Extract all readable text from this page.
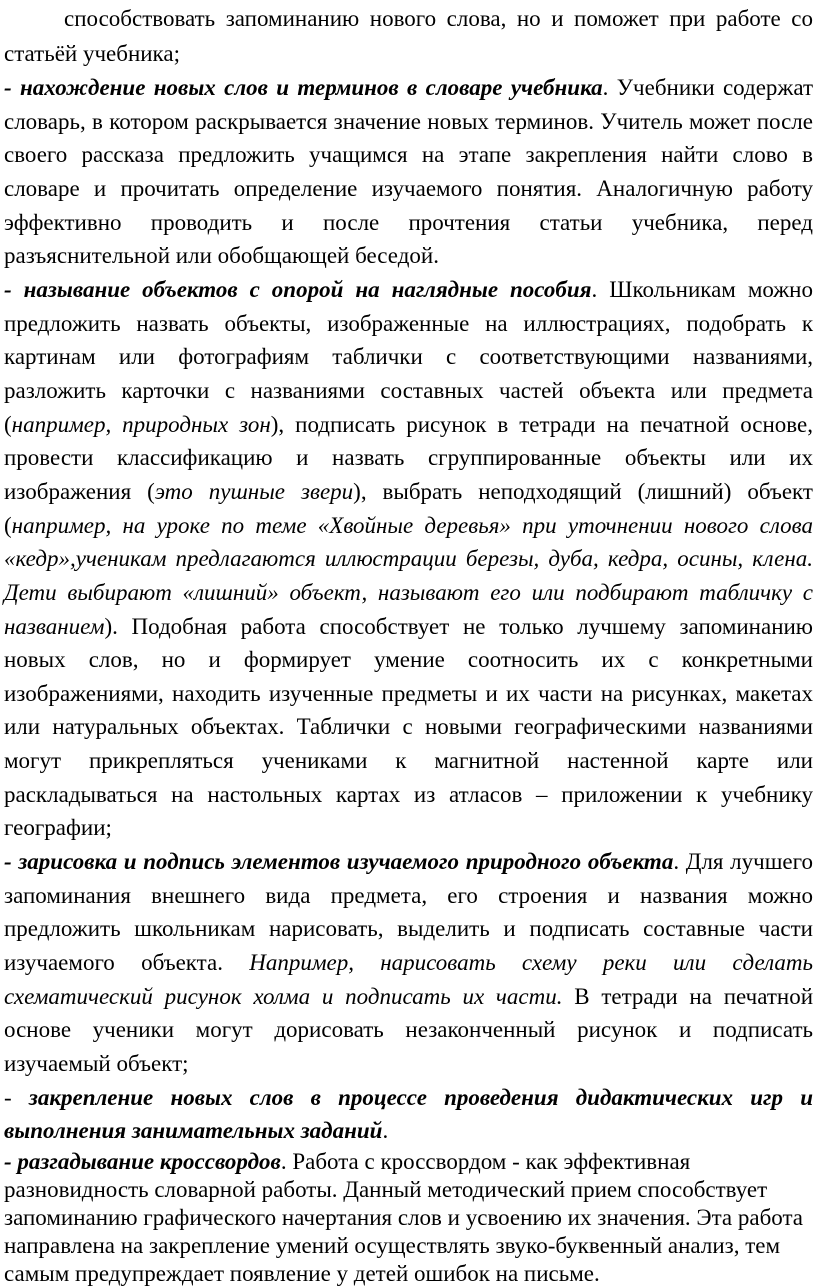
способствовать запоминанию нового слова, но и поможет при работе со статьёй учебника;

- нахождение новых слов и терминов в словаре учебника. Учебники содержат словарь, в котором раскрывается значение новых терминов. Учитель может после своего рассказа предложить учащимся на этапе закрепления найти слово в словаре и прочитать определение изучаемого понятия. Аналогичную работу эффективно проводить и после прочтения статьи учебника, перед разъяснительной или обобщающей беседой.

- называние объектов с опорой на наглядные пособия. Школьникам можно предложить назвать объекты, изображенные на иллюстрациях, подобрать к картинам или фотографиям таблички с соответствующими названиями, разложить карточки с названиями составных частей объекта или предмета (например, природных зон), подписать рисунок в тетради на печатной основе, провести классификацию и назвать сгруппированные объекты или их изображения (это пушные звери), выбрать неподходящий (лишний) объект (например, на уроке по теме «Хвойные деревья» при уточнении нового слова «кедр»,ученикам предлагаются иллюстрации березы, дуба, кедра, осины, клена. Дети выбирают «лишний» объект, называют его или подбирают табличку с названием). Подобная работа способствует не только лучшему запоминанию новых слов, но и формирует умение соотносить их с конкретными изображениями, находить изученные предметы и их части на рисунках, макетах или натуральных объектах. Таблички с новыми географическими названиями могут прикрепляться учениками к магнитной настенной карте или раскладываться на настольных картах из атласов – приложении к учебнику географии;

- зарисовка и подпись элементов изучаемого природного объекта. Для лучшего запоминания внешнего вида предмета, его строения и названия можно предложить школьникам нарисовать, выделить и подписать составные части изучаемого объекта. Например, нарисовать схему реки или сделать схематический рисунок холма и подписать их части. В тетради на печатной основе ученики могут дорисовать незаконченный рисунок и подписать изучаемый объект;

- закрепление новых слов в процессе проведения дидактических игр и выполнения занимательных заданий.

- разгадывание кроссвордов. Работа с кроссвордом - как эффективная разновидность словарной работы. Данный методический прием способствует запоминанию графического начертания слов и усвоению их значения. Эта работа направлена на закрепление умений осуществлять звуко-буквенный анализ, тем самым предупреждает появление у детей ошибок на письме.
